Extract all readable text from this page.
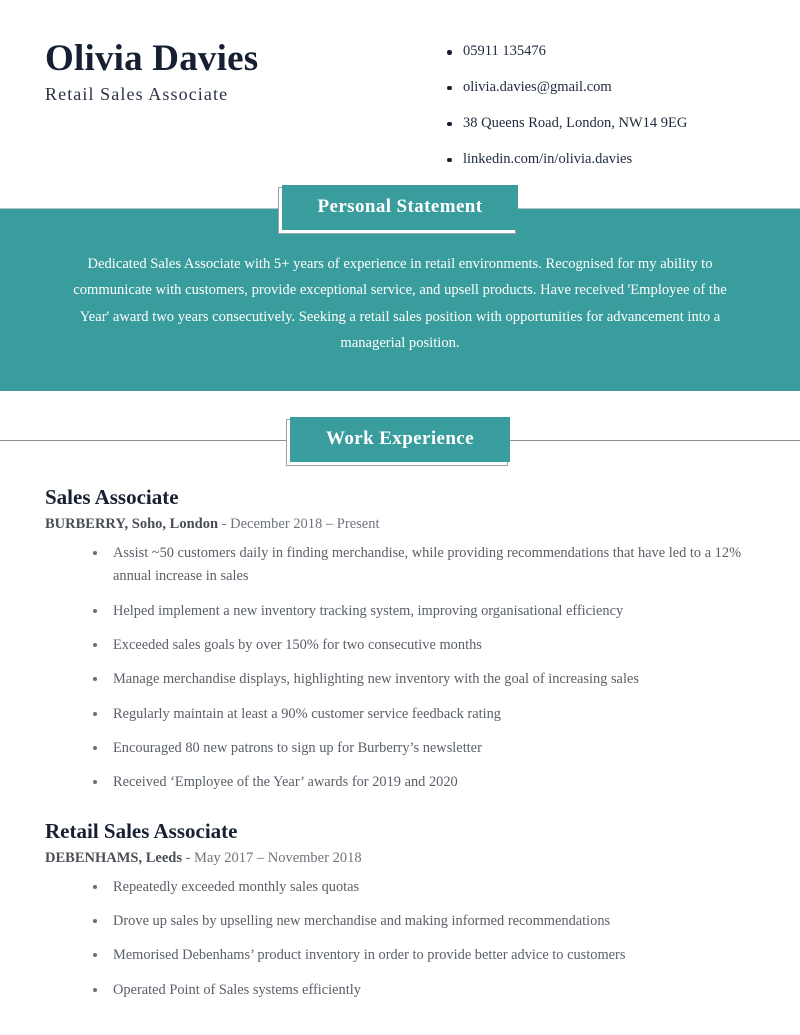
Olivia Davies
Retail Sales Associate
05911 135476
olivia.davies@gmail.com
38 Queens Road, London, NW14 9EG
linkedin.com/in/olivia.davies
Personal Statement

Dedicated Sales Associate with 5+ years of experience in retail environments. Recognised for my ability to communicate with customers, provide exceptional service, and upsell products. Have received 'Employee of the Year' award two years consecutively. Seeking a retail sales position with opportunities for advancement into a managerial position.

Work Experience
Sales Associate
BURBERRY, Soho, London - December 2018 – Present
Assist ~50 customers daily in finding merchandise, while providing recommendations that have led to a 12% annual increase in sales
Helped implement a new inventory tracking system, improving organisational efficiency
Exceeded sales goals by over 150% for two consecutive months
Manage merchandise displays, highlighting new inventory with the goal of increasing sales
Regularly maintain at least a 90% customer service feedback rating
Encouraged 80 new patrons to sign up for Burberry’s newsletter
Received ‘Employee of the Year’ awards for 2019 and 2020
Retail Sales Associate
DEBENHAMS, Leeds - May 2017 – November 2018
Repeatedly exceeded monthly sales quotas
Drove up sales by upselling new merchandise and making informed recommendations
Memorised Debenhams’ product inventory in order to provide better advice to customers
Operated Point of Sales systems efficiently
